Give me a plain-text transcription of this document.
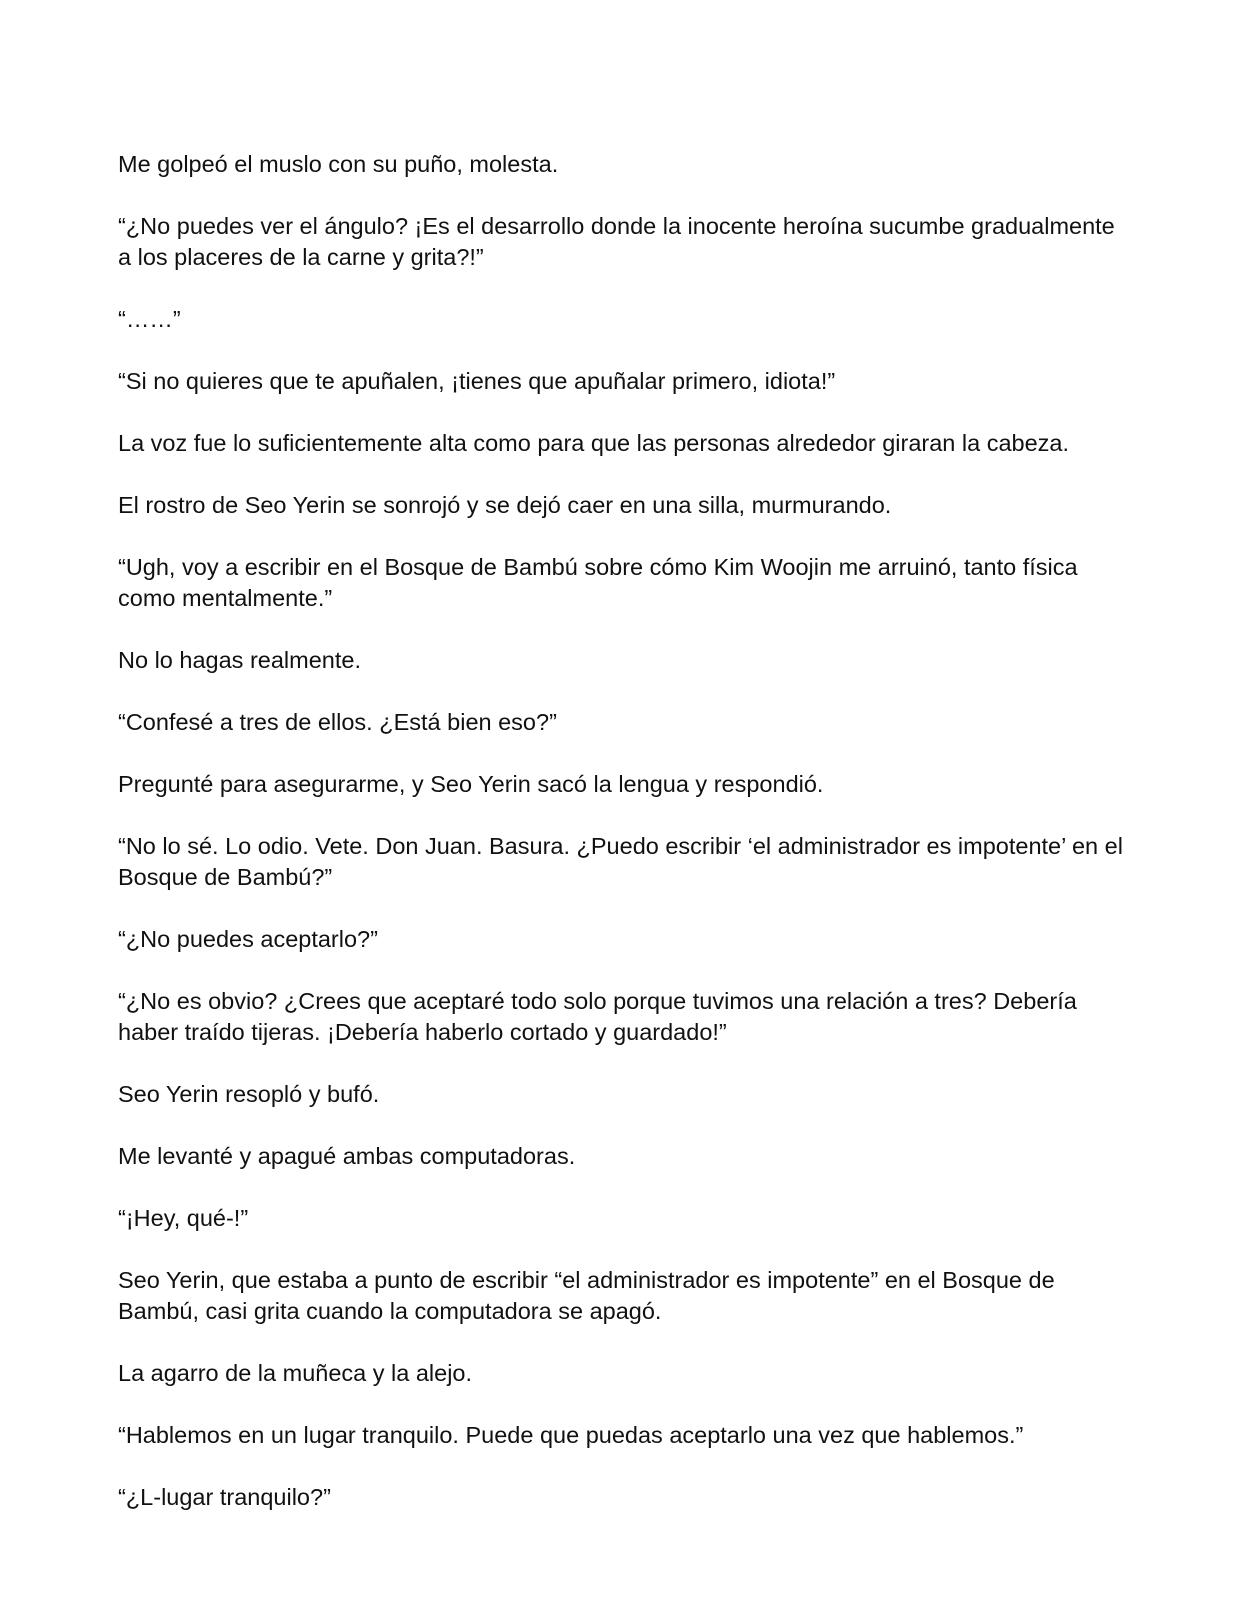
Me golpeó el muslo con su puño, molesta.

“¿No puedes ver el ángulo? ¡Es el desarrollo donde la inocente heroína sucumbe gradualmente a los placeres de la carne y grita?!”

“……”

“Si no quieres que te apuñalen, ¡tienes que apuñalar primero, idiota!”

La voz fue lo suficientemente alta como para que las personas alrededor giraran la cabeza.

El rostro de Seo Yerin se sonrojó y se dejó caer en una silla, murmurando.

“Ugh, voy a escribir en el Bosque de Bambú sobre cómo Kim Woojin me arruinó, tanto física como mentalmente.”

No lo hagas realmente.

“Confesé a tres de ellos. ¿Está bien eso?”

Pregunté para asegurarme, y Seo Yerin sacó la lengua y respondió.

“No lo sé. Lo odio. Vete. Don Juan. Basura. ¿Puedo escribir ‘el administrador es impotente’ en el Bosque de Bambú?”

“¿No puedes aceptarlo?”

“¿No es obvio? ¿Crees que aceptaré todo solo porque tuvimos una relación a tres? Debería haber traído tijeras. ¡Debería haberlo cortado y guardado!”

Seo Yerin resopló y bufó.

Me levanté y apagué ambas computadoras.

“¡Hey, qué-!”

Seo Yerin, que estaba a punto de escribir “el administrador es impotente” en el Bosque de Bambú, casi grita cuando la computadora se apagó.

La agarro de la muñeca y la alejo.

“Hablemos en un lugar tranquilo. Puede que puedas aceptarlo una vez que hablemos.”

“¿L-lugar tranquilo?”
